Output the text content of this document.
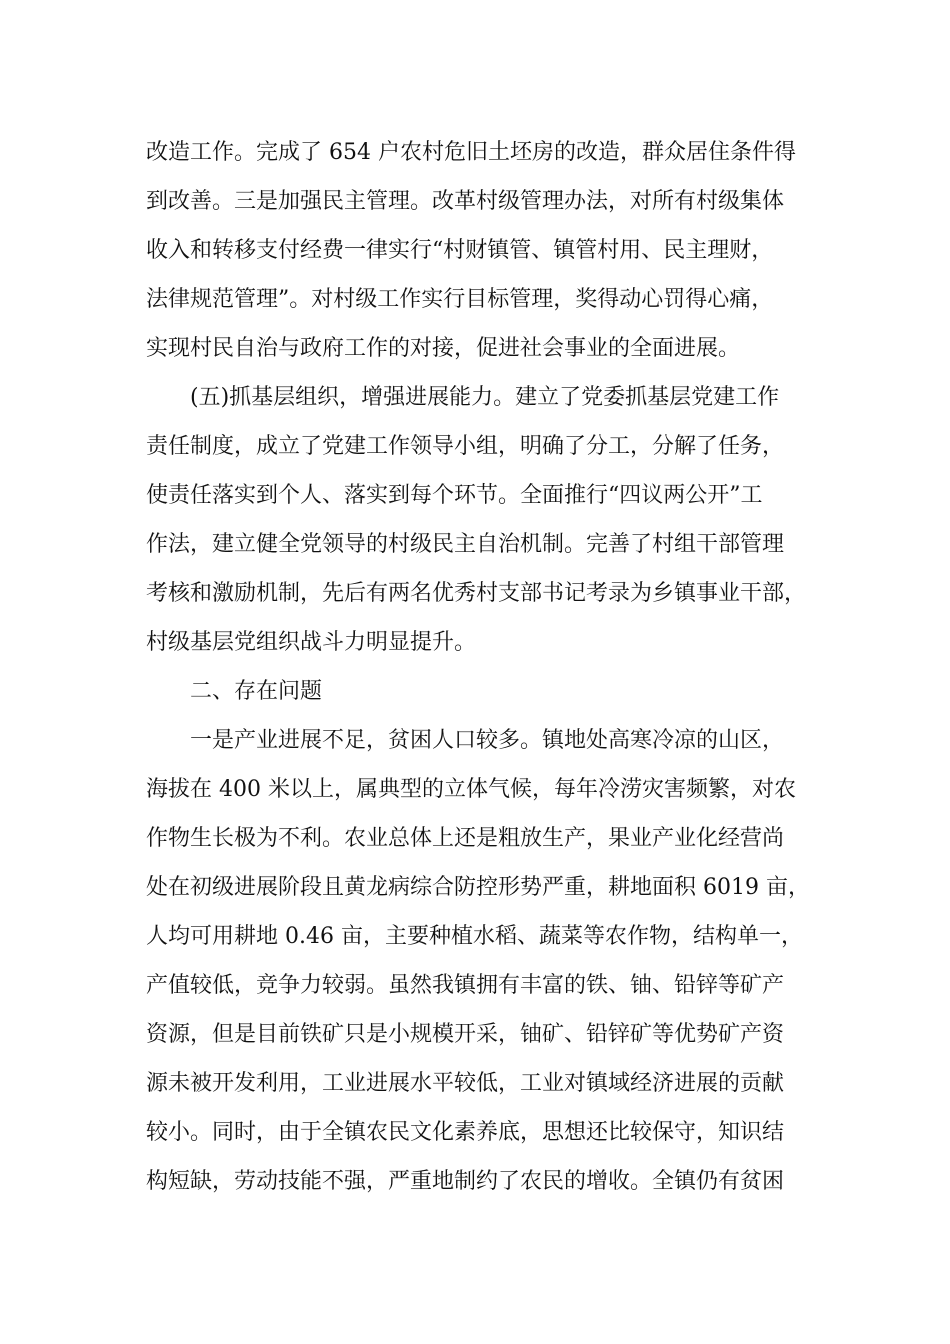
改造工作。完成了 654 户农村危旧土坯房的改造，群众居住条件得
到改善。三是加强民主管理。改革村级管理办法，对所有村级集体
收入和转移支付经费一律实行“村财镇管、镇管村用、民主理财，
法律规范管理”。对村级工作实行目标管理，奖得动心罚得心痛，
实现村民自治与政府工作的对接，促进社会事业的全面进展。
(五)抓基层组织，增强进展能力。建立了党委抓基层党建工作
责任制度，成立了党建工作领导小组，明确了分工，分解了任务，
使责任落实到个人、落实到每个环节。全面推行“四议两公开”工
作法，建立健全党领导的村级民主自治机制。完善了村组干部管理
考核和激励机制，先后有两名优秀村支部书记考录为乡镇事业干部，
村级基层党组织战斗力明显提升。
二、存在问题
一是产业进展不足，贫困人口较多。镇地处高寒冷凉的山区，
海拔在 400 米以上，属典型的立体气候，每年冷涝灾害频繁，对农
作物生长极为不利。农业总体上还是粗放生产，果业产业化经营尚
处在初级进展阶段且黄龙病综合防控形势严重，耕地面积 6019 亩，
人均可用耕地 0.46 亩，主要种植水稻、蔬菜等农作物，结构单一，
产值较低，竞争力较弱。虽然我镇拥有丰富的铁、铀、铅锌等矿产
资源，但是目前铁矿只是小规模开采，铀矿、铅锌矿等优势矿产资
源未被开发利用，工业进展水平较低，工业对镇域经济进展的贡献
较小。同时，由于全镇农民文化素养底，思想还比较保守，知识结
构短缺，劳动技能不强，严重地制约了农民的增收。全镇仍有贫困
